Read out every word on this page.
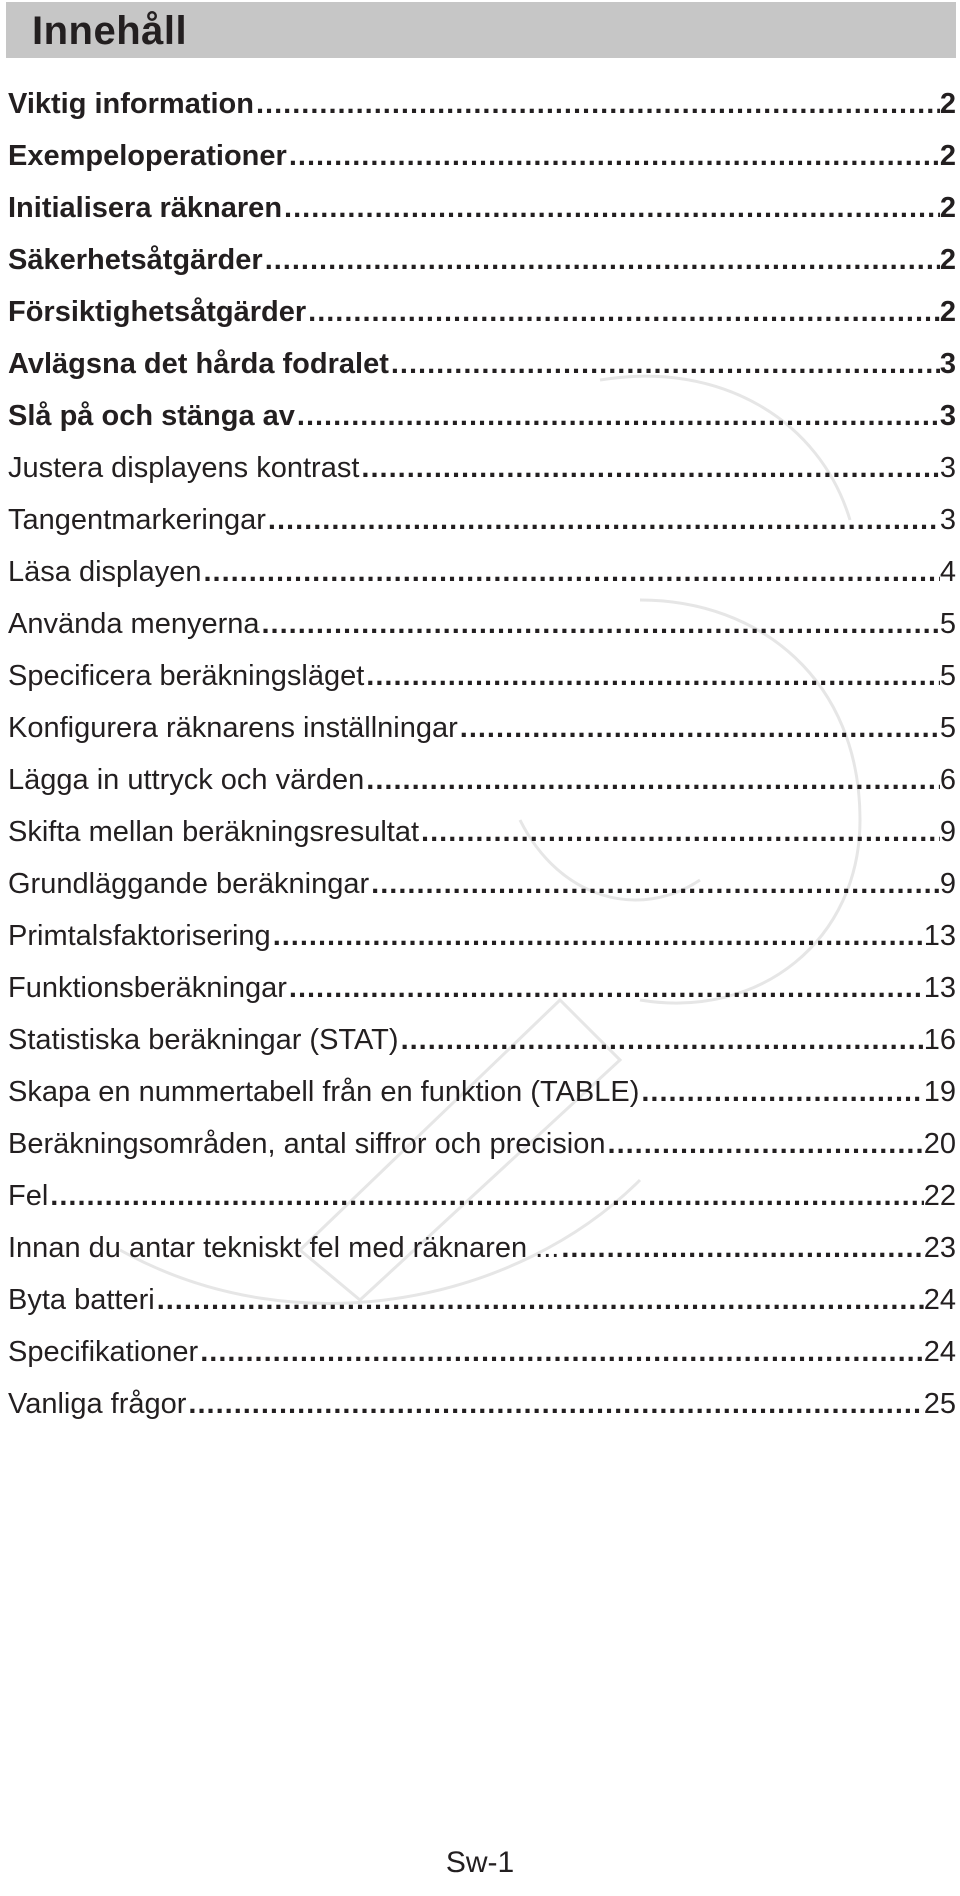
Innehåll
Viktig information .....	2
Exempeloperationer .....	2
Initialisera räknaren .....	2
Säkerhetsåtgärder .....	2
Försiktighetsåtgärder .....	2
Avlägsna det hårda fodralet .....	3
Slå på och stänga av .....	3
Justera displayens kontrast .....	3
Tangentmarkeringar .....	3
Läsa displayen .....	4
Använda menyerna .....	5
Specificera beräkningsläget .....	5
Konfigurera räknarens inställningar .....	5
Lägga in uttryck och värden .....	6
Skifta mellan beräkningsresultat .....	9
Grundläggande beräkningar .....	9
Primtalsfaktorisering .....	13
Funktionsberäkningar .....	13
Statistiska beräkningar (STAT) .....	16
Skapa en nummertabell från en funktion (TABLE) .....	19
Beräkningsområden, antal siffror och precision .....	20
Fel .....	22
Innan du antar tekniskt fel med räknaren ... .....	23
Byta batteri .....	24
Specifikationer .....	24
Vanliga frågor .....	25
Sw-1
